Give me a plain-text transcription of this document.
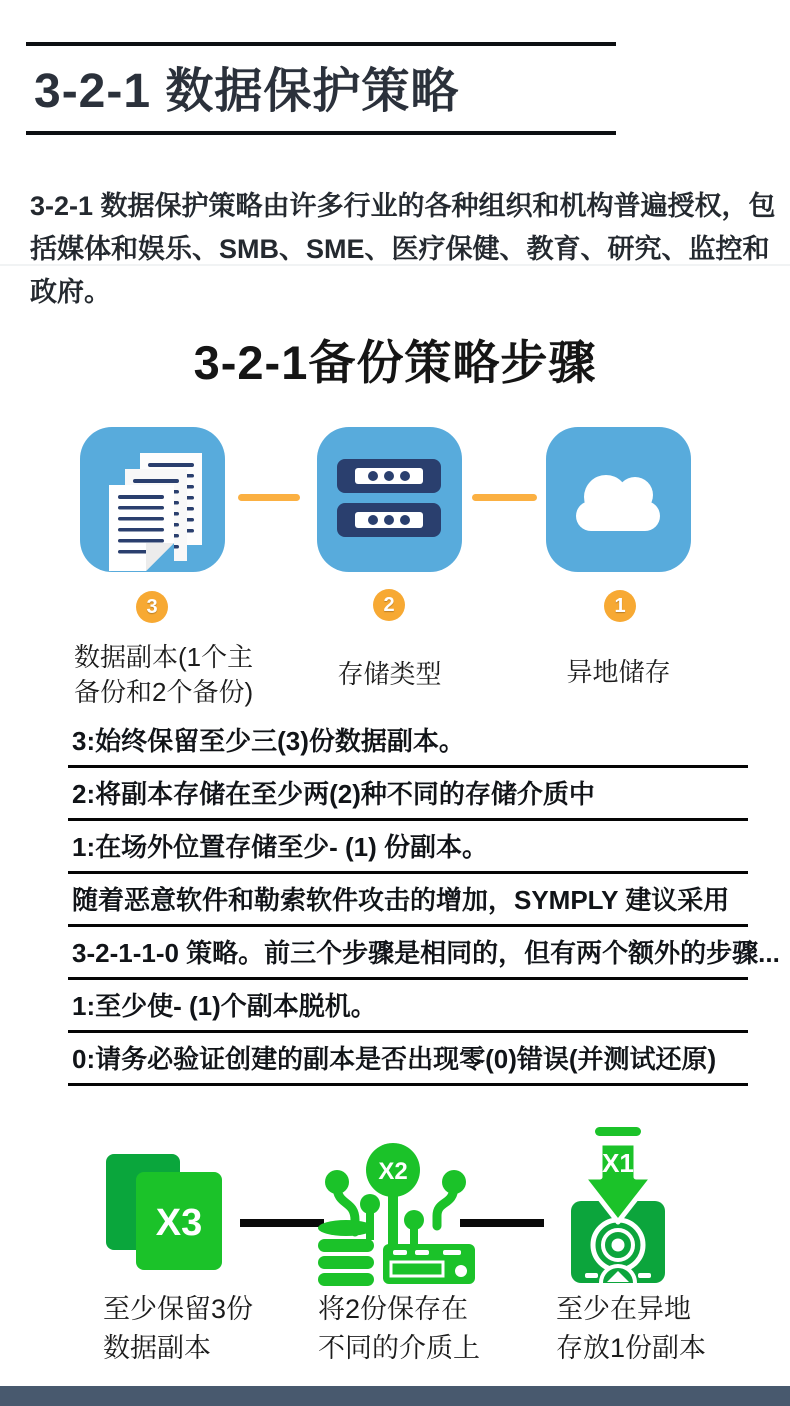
3-2-1 数据保护策略

3-2-1 数据保护策略由许多行业的各种组织和机构普遍授权，包括媒体和娱乐、SMB、SME、医疗保健、教育、研究、监控和政府。

3-2-1备份策略步骤
3	2	1
数据副本(1个主
备份和2个备份)
存储类型	异地储存
3:始终保留至少三(3)份数据副本。
2:将副本存储在至少两(2)种不同的存储介质中
1:在场外位置存储至少- (1) 份副本。
随着恶意软件和勒索软件攻击的增加，SYMPLY 建议采用
3-2-1-1-0 策略。前三个步骤是相同的，但有两个额外的步骤...
1:至少使- (1)个副本脱机。
0:请务必验证创建的副本是否出现零(0)错误(并测试还原)
X3
X2	X1
至少保留3份
数据副本
将2份保存在
不同的介质上
至少在异地
存放1份副本
